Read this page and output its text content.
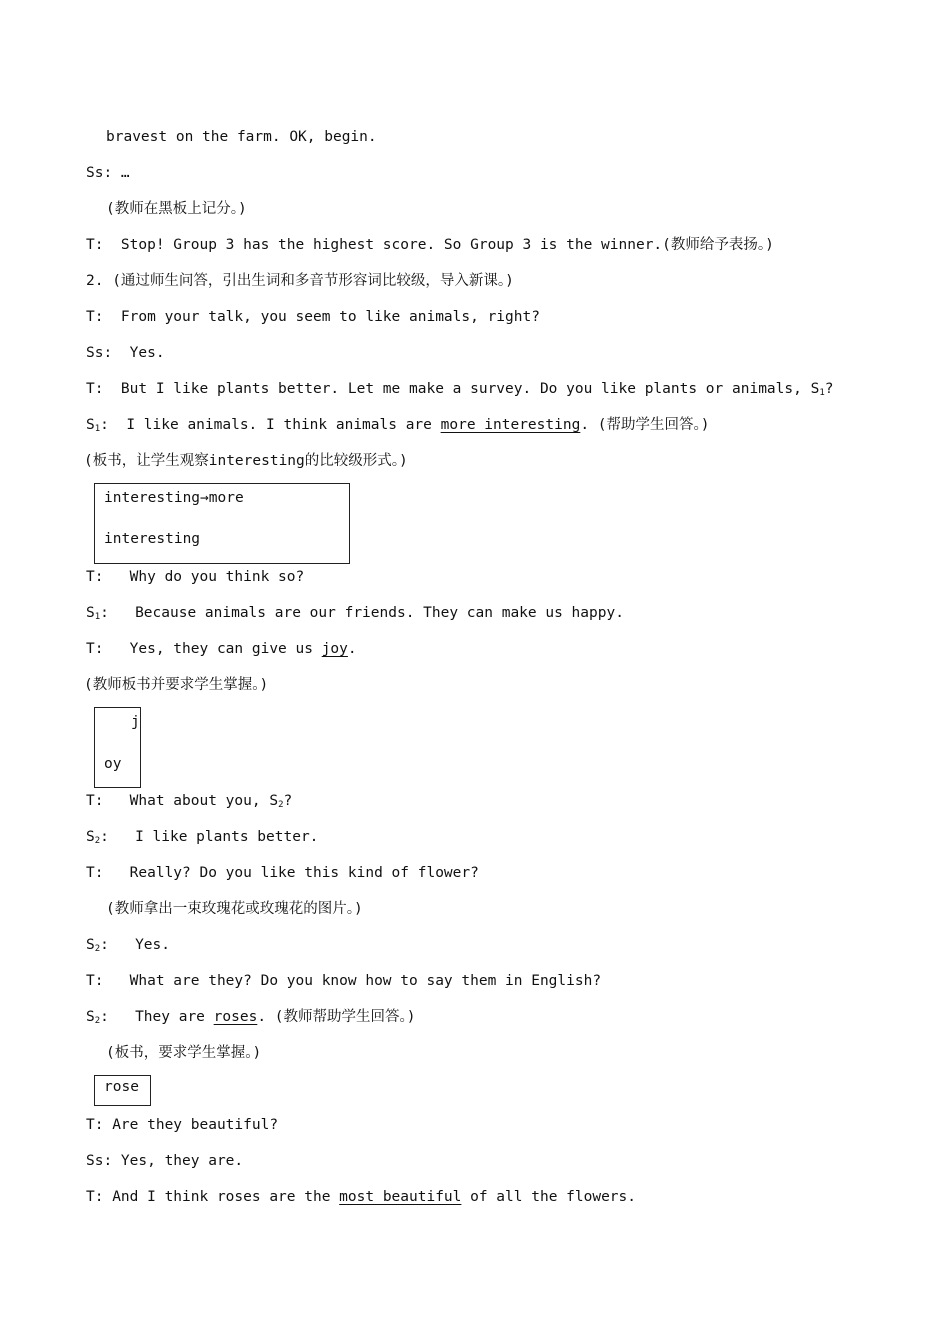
bravest on the farm. OK, begin.
Ss: …
(教师在黑板上记分。)
T:  Stop! Group 3 has the highest score. So Group 3 is the winner.(教师给予表扬。)
2. (通过师生问答，引出生词和多音节形容词比较级，导入新课。)
T:  From your talk, you seem to like animals, right?
Ss:  Yes.
T:  But I like plants better. Let me make a survey. Do you like plants or animals, $S_1$?
$S_1$:  I like animals. I think animals are more interesting. (帮助学生回答。)
(板书，让学生观察interesting的比较级形式。)
interesting→more
interesting
T:   Why do you think so?
$S_1$:   Because animals are our friends. They can make us happy.
T:   Yes, they can give us joy.
(教师板书并要求学生掌握。)
j
oy
T:   What about you, $S_2$?
$S_2$:   I like plants better.
T:   Really? Do you like this kind of flower?
(教师拿出一束玫瑰花或玫瑰花的图片。)
$S_2$:   Yes.
T:   What are they? Do you know how to say them in English?
$S_2$:   They are roses. (教师帮助学生回答。)
(板书，要求学生掌握。)
rose
T: Are they beautiful?
Ss: Yes, they are.
T: And I think roses are the most beautiful of all the flowers.
